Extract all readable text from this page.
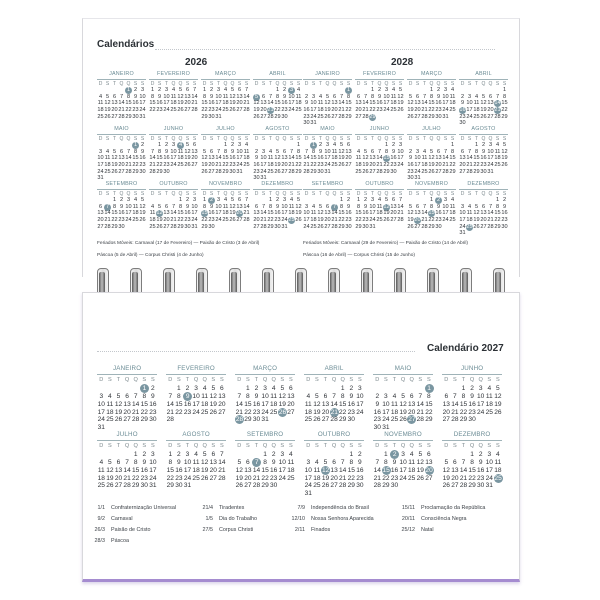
Calendários
2026
JANEIRO
D S T Q Q S S
1 2 3
4 5 6 7 8 9 10
11 12 13 14 15 16 17
18 19 20 21 22 23 24
25 26 27 28 29 30 31
FEVEREIRO
D S T Q Q S S
1 2 3 4 5 6 7
8 9 10 11 12 13 14
15 16 17 18 19 20 21
22 23 24 25 26 27 28
MARÇO
D S T Q Q S S
1 2 3 4 5 6 7
8 9 10 11 12 13 14
15 16 17 18 19 20 21
22 23 24 25 26 27 28
29 30 31
ABRIL
D S T Q Q S S
1 2 3 4
5 6 7 8 9 10 11
12 13 14 15 16 17 18
19 20 21 22 23 24 25
26 27 28 29 30
MAIO
D S T Q Q S S
1 2
3 4 5 6 7 8 9
10 11 12 13 14 15 16
17 18 19 20 21 22 23
24 25 26 27 28 29 30
31
JUNHO
D S T Q Q S S
1 2 3 4 5 6
7 8 9 10 11 12 13
14 15 16 17 18 19 20
21 22 23 24 25 26 27
28 29 30
JULHO
D S T Q Q S S
1 2 3 4
5 6 7 8 9 10 11
12 13 14 15 16 17 18
19 20 21 22 23 24 25
26 27 28 29 30 31
AGOSTO
D S T Q Q S S
1
2 3 4 5 6 7 8
9 10 11 12 13 14 15
16 17 18 19 20 21 22
23 24 25 26 27 28 29
30 31
SETEMBRO
D S T Q Q S S
1 2 3 4 5
6 7 8 9 10 11 12
13 14 15 16 17 18 19
20 21 22 23 24 25 26
27 28 29 30
OUTUBRO
D S T Q Q S S
1 2 3
4 5 6 7 8 9 10
11 12 13 14 15 16 17
18 19 20 21 22 23 24
25 26 27 28 29 30 31
NOVEMBRO
D S T Q Q S S
1 2 3 4 5 6 7
8 9 10 11 12 13 14
15 16 17 18 19 20 21
22 23 24 25 26 27 28
29 30
DEZEMBRO
D S T Q Q S S
1 2 3 4 5
6 7 8 9 10 11 12
13 14 15 16 17 18 19
20 21 22 23 24 25 26
27 28 29 30 31
Feriados Móveis: Carnaval (17 de Fevereiro) — Paixão de Cristo (3 de Abril)
Páscoa (5 de Abril) — Corpus Christi (4 de Junho)
2028
JANEIRO
D S T Q Q S S
1
2 3 4 5 6 7 8
9 10 11 12 13 14 15
16 17 18 19 20 21 22
23 24 25 26 27 28 29
30 31
FEVEREIRO
D S T Q Q S S
1 2 3 4 5
6 7 8 9 10 11 12
13 14 15 16 17 18 19
20 21 22 23 24 25 26
27 28 29
MARÇO
D S T Q Q S S
1 2 3 4
5 6 7 8 9 10 11
12 13 14 15 16 17 18
19 20 21 22 23 24 25
26 27 28 29 30 31
ABRIL
D S T Q Q S S
1
2 3 4 5 6 7 8
9 10 11 12 13 14 15
16 17 18 19 20 21 22
23 24 25 26 27 28 29
30
MAIO
D S T Q Q S S
1 2 3 4 5 6
7 8 9 10 11 12 13
14 15 16 17 18 19 20
21 22 23 24 25 26 27
28 29 30 31
JUNHO
D S T Q Q S S
1 2 3
4 5 6 7 8 9 10
11 12 13 14 15 16 17
18 19 20 21 22 23 24
25 26 27 28 29 30
JULHO
D S T Q Q S S
1
2 3 4 5 6 7 8
9 10 11 12 13 14 15
16 17 18 19 20 21 22
23 24 25 26 27 28 29
30 31
AGOSTO
D S T Q Q S S
1 2 3 4 5
6 7 8 9 10 11 12
13 14 15 16 17 18 19
20 21 22 23 24 25 26
27 28 29 30 31
SETEMBRO
D S T Q Q S S
1 2
3 4 5 6 7 8 9
10 11 12 13 14 15 16
17 18 19 20 21 22 23
24 25 26 27 28 29 30
OUTUBRO
D S T Q Q S S
1 2 3 4 5 6 7
8 9 10 11 12 13 14
15 16 17 18 19 20 21
22 23 24 25 26 27 28
29 30 31
NOVEMBRO
D S T Q Q S S
1 2 3 4
5 6 7 8 9 10 11
12 13 14 15 16 17 18
19 20 21 22 23 24 25
26 27 28 29 30
DEZEMBRO
D S T Q Q S S
1 2
3 4 5 6 7 8 9
10 11 12 13 14 15 16
17 18 19 20 21 22 23
24 25 26 27 28 29 30
31
Feriados Móveis: Carnaval (29 de Fevereiro) — Paixão de Cristo (14 de Abril)
Páscoa (16 de Abril) — Corpus Christi (15 de Junho)
Calendário 2027
JANEIRO
D S T Q Q S S
1 2
3 4 5 6 7 8 9
10 11 12 13 14 15 16
17 18 19 20 21 22 23
24 25 26 27 28 29 30
31
FEVEREIRO
D S T Q Q S S
1 2 3 4 5 6
7 8 9 10 11 12 13
14 15 16 17 18 19 20
21 22 23 24 25 26 27
28
MARÇO
D S T Q Q S S
1 2 3 4 5 6
7 8 9 10 11 12 13
14 15 16 17 18 19 20
21 22 23 24 25 26 27
28 29 30 31
ABRIL
D S T Q Q S S
1 2 3
4 5 6 7 8 9 10
11 12 13 14 15 16 17
18 19 20 21 22 23 24
25 26 27 28 29 30
MAIO
D S T Q Q S S
1
2 3 4 5 6 7 8
9 10 11 12 13 14 15
16 17 18 19 20 21 22
23 24 25 26 27 28 29
30 31
JUNHO
D S T Q Q S S
1 2 3 4 5
6 7 8 9 10 11 12
13 14 15 16 17 18 19
20 21 22 23 24 25 26
27 28 29 30
JULHO
D S T Q Q S S
1 2 3
4 5 6 7 8 9 10
11 12 13 14 15 16 17
18 19 20 21 22 23 24
25 26 27 28 29 30 31
AGOSTO
D S T Q Q S S
1 2 3 4 5 6 7
8 9 10 11 12 13 14
15 16 17 18 19 20 21
22 23 24 25 26 27 28
29 30 31
SETEMBRO
D S T Q Q S S
1 2 3 4
5 6 7 8 9 10 11
12 13 14 15 16 17 18
19 20 21 22 23 24 25
26 27 28 29 30
OUTUBRO
D S T Q Q S S
1 2
3 4 5 6 7 8 9
10 11 12 13 14 15 16
17 18 19 20 21 22 23
24 25 26 27 28 29 30
31
NOVEMBRO
D S T Q Q S S
1 2 3 4 5 6
7 8 9 10 11 12 13
14 15 16 17 18 19 20
21 22 23 24 25 26 27
28 29 30
DEZEMBRO
D S T Q Q S S
1 2 3 4
5 6 7 8 9 10 11
12 13 14 15 16 17 18
19 20 21 22 23 24 25
26 27 28 29 30 31
1/1 Confraternização Universal
9/2 Carnaval
26/3 Paixão de Cristo
28/3 Páscoa
21/4 Tiradentes
1/5 Dia do Trabalho
27/5 Corpus Christi
7/9 Independência do Brasil
12/10 Nossa Senhora Aparecida
2/11 Finados
15/11 Proclamação da República
20/11 Consciência Negra
25/12 Natal
